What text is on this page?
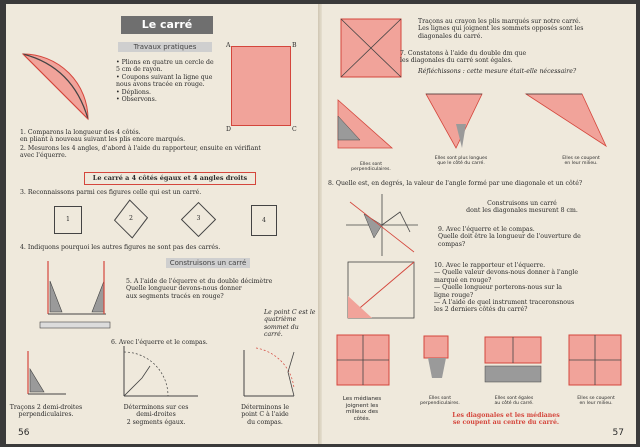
Le carré
Travaux pratiques
• Plions en quatre un cercle de
5 cm de rayon.
• Coupons suivant la ligne que
nous avons tracée en rouge.
• Déplions.
• Observons.
A	B
C
D
1. Comparons la longueur des 4 côtés.
en pliant à nouveau suivant les plis encore marqués.
2. Mesurons les 4 angles, d'abord à l'aide du rapporteur, ensuite en vérifiant
avec l'équerre.
Le carré a 4 côtés égaux et 4 angles droits
3. Reconnaissons parmi ces figures celle qui est un carré.
1	2	3	4
4. Indiquons pourquoi les autres figures ne sont pas des carrés.
Construisons un carré
5. A l'aide de l'équerre et du double décimètre
Quelle longueur devons-nous donner
aux segments tracés en rouge?
Le point C est le quatrième sommet du carré.
6. Avec l'équerre et le compas.
Traçons 2 demi-droites
perpendiculaires.
Déterminons sur ces
demi-droites
2 segments égaux.
Déterminons le
point C à l'aide
du compas.
56
Traçons au crayon les plis marqués sur notre carré.
Les lignes qui joignent les sommets opposés sont les
diagonales du carré.
7. Constatons à l'aide du double dm que
les diagonales du carré sont égales.
Réfléchissons : cette mesure était-elle nécessaire?
Elles sont
perpendiculaires.
Elles sont plus longues
que le côté du carré.
Elles se coupent
en leur milieu.
8. Quelle est, en degrés, la valeur de l'angle formé par une diagonale et un côté?
Construisons un carré
dont les diagonales mesurent 8 cm.
9. Avec l'équerre et le compas.
Quelle doit être la longueur de l'ouverture de
compas?
10. Avec le rapporteur et l'équerre.
— Quelle valeur devons-nous donner à l'angle
marqué en rouge?
— Quelle longueur porterons-nous sur la
ligne rouge?
— A l'aide de quel instrument traceronsnous
les 2 derniers côtés du carré?
Les médianes
joignent les
milieux des
côtés.
Elles sont
perpendiculaires.
Elles sont égales
au côté du carré.
Elles se coupent
en leur milieu.
Les diagonales et les médianes
se coupent au centre du carré.
57
